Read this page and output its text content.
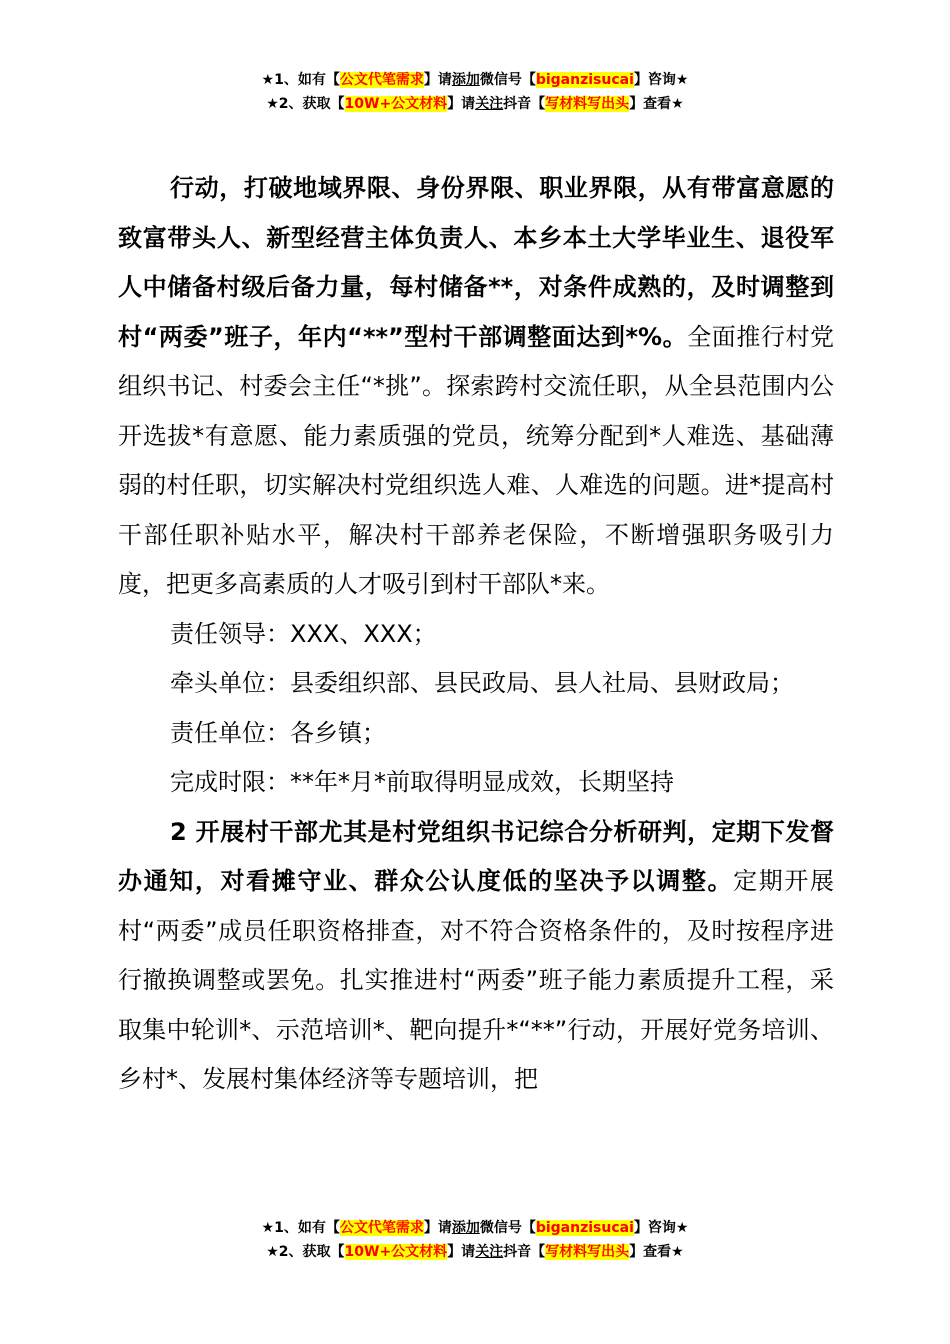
★1、如有【公文代笔需求】请添加微信号【biganzisucai】咨询★
★2、获取【10W+公文材料】请关注抖音【写材料写出头】查看★

行动，打破地域界限、身份界限、职业界限，从有带富意愿的致富带头人、新型经营主体负责人、本乡本土大学毕业生、退役军人中储备村级后备力量，每村储备**，对条件成熟的，及时调整到村“两委”班子，年内“**”型村干部调整面达到*%。全面推行村党组织书记、村委会主任“*挑”。探索跨村交流任职，从全县范围内公开选拔*有意愿、能力素质强的党员，统筹分配到*人难选、基础薄弱的村任职，切实解决村党组织选人难、人难选的问题。进*提高村干部任职补贴水平，解决村干部养老保险，不断增强职务吸引力度，把更多高素质的人才吸引到村干部队*来。

责任领导：XXX、XXX；

牵头单位：县委组织部、县民政局、县人社局、县财政局；

责任单位：各乡镇；

完成时限：**年*月*前取得明显成效，长期坚持

2 开展村干部尤其是村党组织书记综合分析研判，定期下发督办通知，对看摊守业、群众公认度低的坚决予以调整。定期开展村“两委”成员任职资格排查，对不符合资格条件的，及时按程序进行撤换调整或罢免。扎实推进村“两委”班子能力素质提升工程，采取集中轮训*、示范培训*、靶向提升*“**”行动，开展好党务培训、乡村*、发展村集体经济等专题培训，把

★1、如有【公文代笔需求】请添加微信号【biganzisucai】咨询★
★2、获取【10W+公文材料】请关注抖音【写材料写出头】查看★
